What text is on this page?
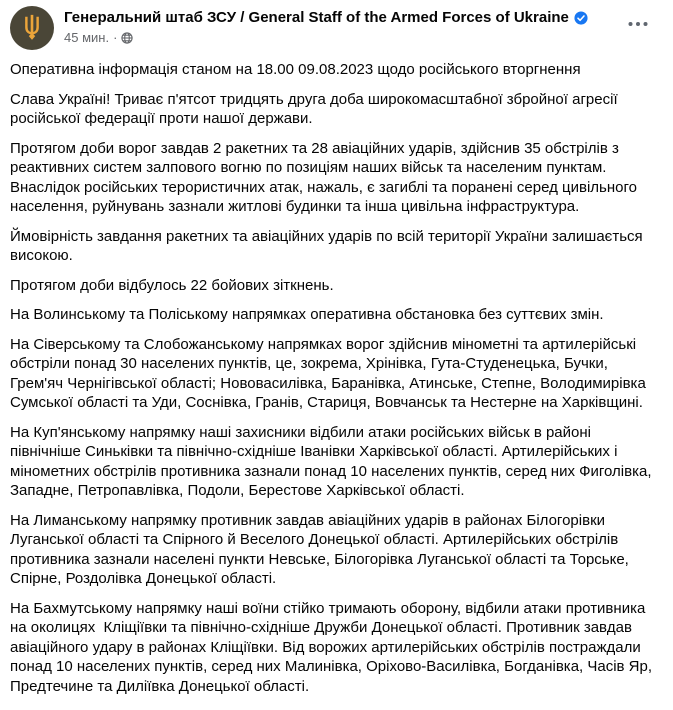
Генеральний штаб ЗСУ / General Staff of the Armed Forces of Ukraine
45 мин. ·

Оперативна інформація станом на 18.00 09.08.2023 щодо російського вторгнення

Слава Україні! Триває п'ятсот тридцять друга доба широкомасштабної збройної агресії російської федерації проти нашої держави.

Протягом доби ворог завдав 2 ракетних та 28 авіаційних ударів, здійснив 35 обстрілів з реактивних систем залпового вогню по позиціям наших військ та населеним пунктам. Внаслідок російських терористичних атак, нажаль, є загиблі та поранені серед цивільного населення, руйнувань зазнали житлові будинки та інша цивільна інфраструктура.

Ймовірність завдання ракетних та авіаційних ударів по всій території України залишається високою.

Протягом доби відбулось 22 бойових зіткнень.

На Волинському та Поліському напрямках оперативна обстановка без суттєвих змін.

На Сіверському та Слобожанському напрямках ворог здійснив мінометні та артилерійські обстріли понад 30 населених пунктів, це, зокрема, Хрінівка, Гута-Студенецька, Бучки, Грем'яч Чернігівської області; Нововасилівка, Баранівка, Атинське, Степне, Володимирівка Сумської області та Уди, Соснівка, Гранів, Стариця, Вовчанськ та Нестерне на Харківщині.

На Куп'янському напрямку наші захисники відбили атаки російських військ в районі північніше Синьківки та північно-східніше Іванівки Харківської області. Артилерійських і мінометних обстрілів противника зазнали понад 10 населених пунктів, серед них Фиголівка, Западне, Петропавлівка, Подоли, Берестове Харківської області.

На Лиманському напрямку противник завдав авіаційних ударів в районах Білогорівки Луганської області та Спірного й Веселого Донецької області. Артилерійських обстрілів противника зазнали населені пункти Невське, Білогорівка Луганської області та Торське, Спірне, Роздолівка Донецької області.

На Бахмутському напрямку наші воїни стійко тримають оборону, відбили атаки противника на околицях  Кліщіївки та північно-східніше Дружби Донецької області. Противник завдав авіаційного удару в районах Кліщіївки. Від ворожих артилерійських обстрілів постраждали понад 10 населених пунктів, серед них Малинівка, Оріхово-Василівка, Богданівка, Часів Яр, Предтечине та Диліївка Донецької області.
